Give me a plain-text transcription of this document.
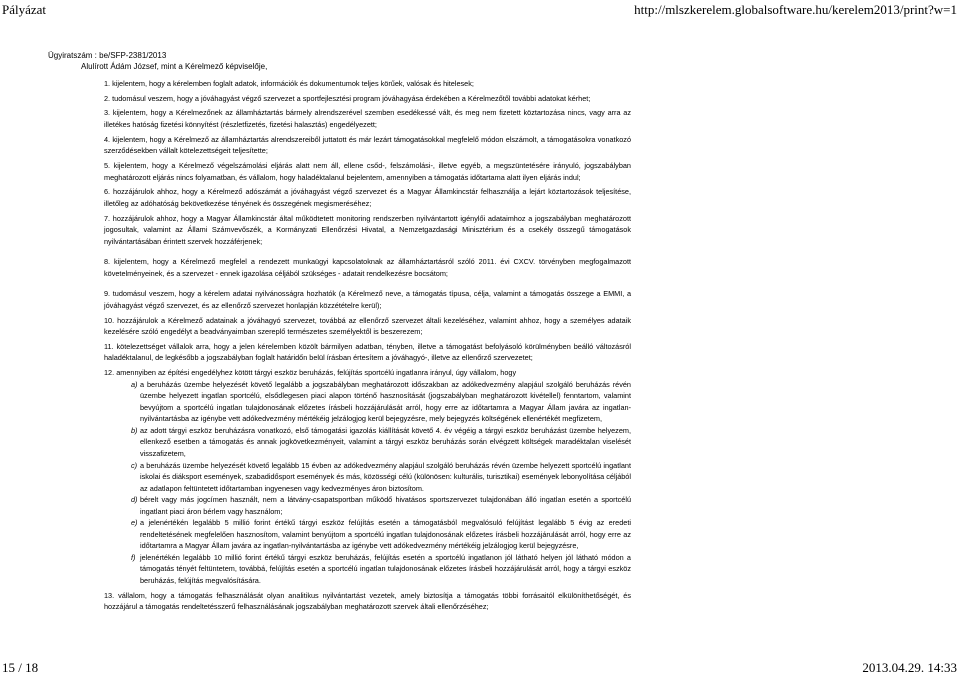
Pályázat	http://mlszkerelem.globalsoftware.hu/kerelem2013/print?w=1
Ügyiratszám : be/SFP-2381/2013
Alulírott Ádám József, mint a Kérelmező képviselője,

1. kijelentem, hogy a kérelemben foglalt adatok, információk és dokumentumok teljes körűek, valósak és hitelesek;

2. tudomásul veszem, hogy a jóváhagyást végző szervezet a sportfejlesztési program jóváhagyása érdekében a Kérelmezőtől további adatokat kérhet;

3. kijelentem, hogy a Kérelmezőnek az államháztartás bármely alrendszerével szemben esedékessé vált, és meg nem fizetett köztartozása nincs, vagy arra az illetékes hatóság fizetési könnyítést (részletfizetés, fizetési halasztás) engedélyezett;

4. kijelentem, hogy a Kérelmező az államháztartás alrendszereiből juttatott és már lezárt támogatásokkal megfelelő módon elszámolt, a támogatásokra vonatkozó szerződésekben vállalt kötelezettségeit teljesítette;

5. kijelentem, hogy a Kérelmező végelszámolási eljárás alatt nem áll, ellene csőd-, felszámolási-, illetve egyéb, a megszüntetésére irányuló, jogszabályban meghatározott eljárás nincs folyamatban, és vállalom, hogy haladéktalanul bejelentem, amennyiben a támogatás időtartama alatt ilyen eljárás indul;

6. hozzájárulok ahhoz, hogy a Kérelmező adószámát a jóváhagyást végző szervezet és a Magyar Államkincstár felhasználja a lejárt köztartozások teljesítése, illetőleg az adóhatóság bekövetkezése tényének és összegének megismeréséhez;

7. hozzájárulok ahhoz, hogy a Magyar Államkincstár által működtetett monitoring rendszerben nyilvántartott igénylői adataimhoz a jogszabályban meghatározott jogosultak, valamint az Állami Számvevőszék, a Kormányzati Ellenőrzési Hivatal, a Nemzetgazdasági Minisztérium és a csekély összegű támogatások nyilvántartásában érintett szervek hozzáférjenek;

8. kijelentem, hogy a Kérelmező megfelel a rendezett munkaügyi kapcsolatoknak az államháztartásról szóló 2011. évi CXCV. törvényben megfogalmazott követelményeinek, és a szervezet - ennek igazolása céljából szükséges - adatait rendelkezésre bocsátom;

9. tudomásul veszem, hogy a kérelem adatai nyilvánosságra hozhatók (a Kérelmező neve, a támogatás típusa, célja, valamint a támogatás összege a EMMI, a jóváhagyást végző szervezet, és az ellenőrző szervezet honlapján közzétételre kerül);

10. hozzájárulok a Kérelmező adatainak a jóváhagyó szervezet, továbbá az ellenőrző szervezet általi kezeléséhez, valamint ahhoz, hogy a személyes adataik kezelésére szóló engedélyt a beadványaimban szereplő természetes személyektől is beszerezem;

11. kötelezettséget vállalok arra, hogy a jelen kérelemben közölt bármilyen adatban, tényben, illetve a támogatást befolyásoló körülményben beálló változásról haladéktalanul, de legkésőbb a jogszabályban foglalt határidőn belül írásban értesítem a jóváhagyó-, illetve az ellenőrző szervezetet;

12. amennyiben az építési engedélyhez kötött tárgyi eszköz beruházás, felújítás sportcélú ingatlanra irányul, úgy vállalom, hogy

a) a beruházás üzembe helyezését követő legalább a jogszabályban meghatározott időszakban az adókedvezmény alapjául szolgáló beruházás révén üzembe helyezett ingatlan sportcélú, elsődlegesen piaci alapon történő hasznosítását (jogszabályban meghatározott kivétellel) fenntartom, valamint bevyújtom a sportcélú ingatlan tulajdonosának előzetes írásbeli hozzájárulását arról, hogy erre az időtartamra a Magyar Állam javára az ingatlan-nyilvántartásba az igénybe vett adókedvezmény mértékéig jelzálogjog kerül bejegyzésre, mely bejegyzés költségének ellenértékét megfizetem,
b) az adott tárgyi eszköz beruházásra vonatkozó, első támogatási igazolás kiállítását követő 4. év végéig a tárgyi eszköz beruházást üzembe helyezem, ellenkező esetben a támogatás és annak jogkövetkezményeit, valamint a tárgyi eszköz beruházás során elvégzett költségek maradéktalan viselését visszafizetem,
c) a beruházás üzembe helyezését követő legalább 15 évben az adókedvezmény alapjául szolgáló beruházás révén üzembe helyezett sportcélú ingatlant iskolai és diáksport események, szabadidősport események és más, közösségi célú (különösen: kulturális, turisztikai) események lebonyolítása céljából az adatlapon feltüntetett időtartamban ingyenesen vagy kedvezményes áron biztosítom.
d) bérelt vagy más jogcímen használt, nem a látvány-csapatsportban működő hivatásos sportszervezet tulajdonában álló ingatlan esetén a sportcélú ingatlant piaci áron bérlem vagy használom;
e) a jelenértékén legalább 5 millió forint értékű tárgyi eszköz felújítás esetén a támogatásból megvalósuló felújítást legalább 5 évig az eredeti rendeltetésének megfelelően hasznosítom, valamint benyújtom a sportcélú ingatlan tulajdonosának előzetes írásbeli hozzájárulását arról, hogy erre az időtartamra a Magyar Állam javára az ingatlan-nyilvántartásba az igénybe vett adókedvezmény mértékéig jelzálogjog kerül bejegyzésre,
f) jelenértékén legalább 10 millió forint értékű tárgyi eszköz beruházás, felújítás esetén a sportcélú ingatlanon jól látható helyen jól látható módon a támogatás tényét feltüntetem, továbbá, felújítás esetén a sportcélú ingatlan tulajdonosának előzetes írásbeli hozzájárulását arról, hogy a tárgyi eszköz beruházás, felújítás megvalósítására.

13. vállalom, hogy a támogatás felhasználását olyan analitikus nyilvántartást vezetek, amely biztosítja a támogatás többi forrásaitól elkülöníthetőségét, és hozzájárul a támogatás rendeltetésszerű felhasználásának jogszabályban meghatározott szervek általi ellenőrzéséhez;

15 / 18	2013.04.29. 14:33
